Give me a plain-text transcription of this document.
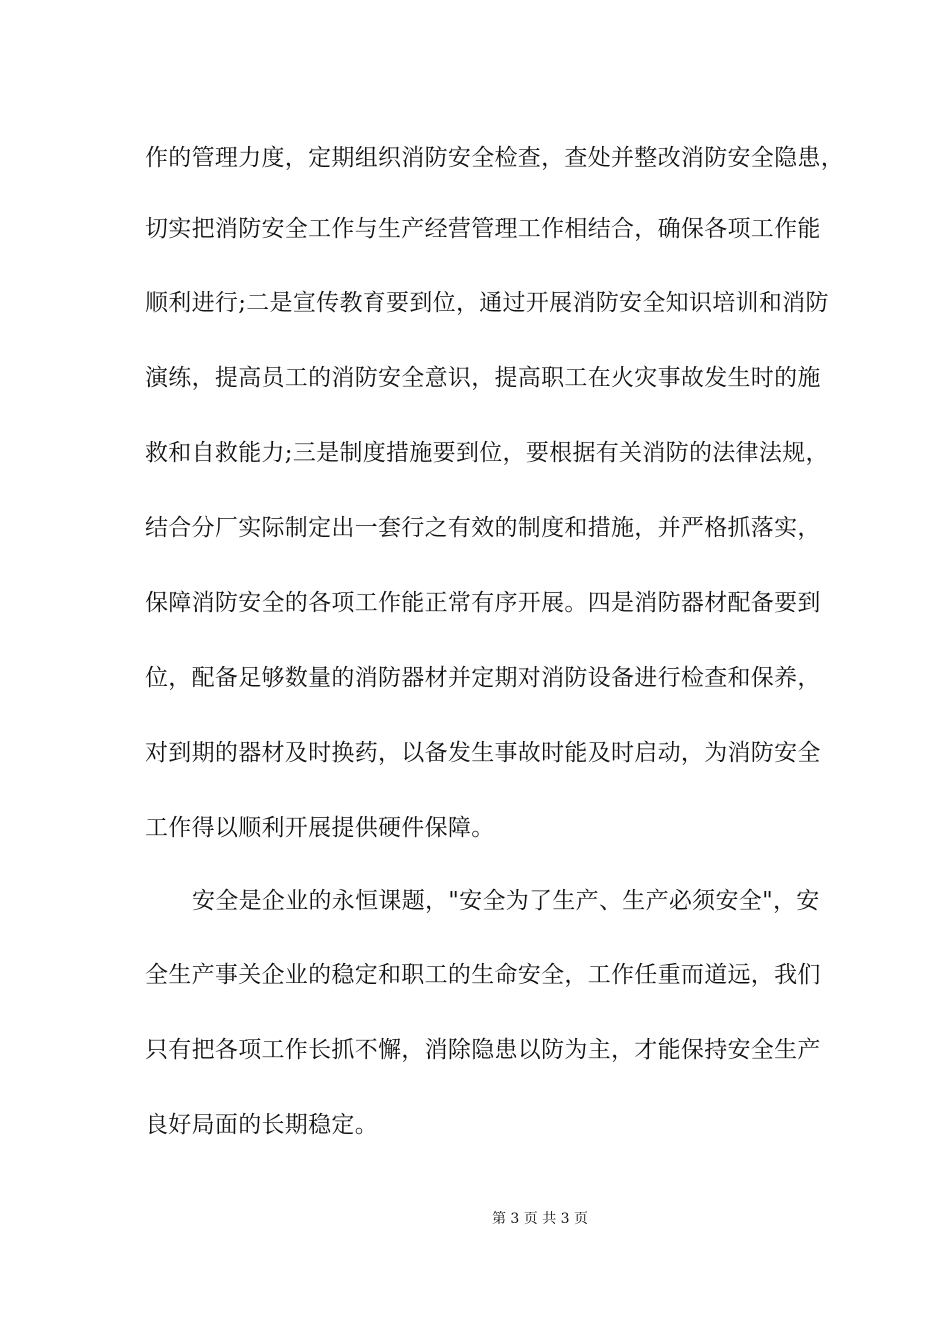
作的管理力度，定期组织消防安全检查，查处并整改消防安全隐患，
切实把消防安全工作与生产经营管理工作相结合，确保各项工作能
顺利进行;二是宣传教育要到位，通过开展消防安全知识培训和消防
演练，提高员工的消防安全意识，提高职工在火灾事故发生时的施
救和自救能力;三是制度措施要到位，要根据有关消防的法律法规，
结合分厂实际制定出一套行之有效的制度和措施，并严格抓落实，
保障消防安全的各项工作能正常有序开展。四是消防器材配备要到
位，配备足够数量的消防器材并定期对消防设备进行检查和保养，
对到期的器材及时换药，以备发生事故时能及时启动，为消防安全
工作得以顺利开展提供硬件保障。
安全是企业的永恒课题，"安全为了生产、生产必须安全"，安
全生产事关企业的稳定和职工的生命安全，工作任重而道远，我们
只有把各项工作长抓不懈，消除隐患以防为主，才能保持安全生产
良好局面的长期稳定。
第 3 页 共 3 页
